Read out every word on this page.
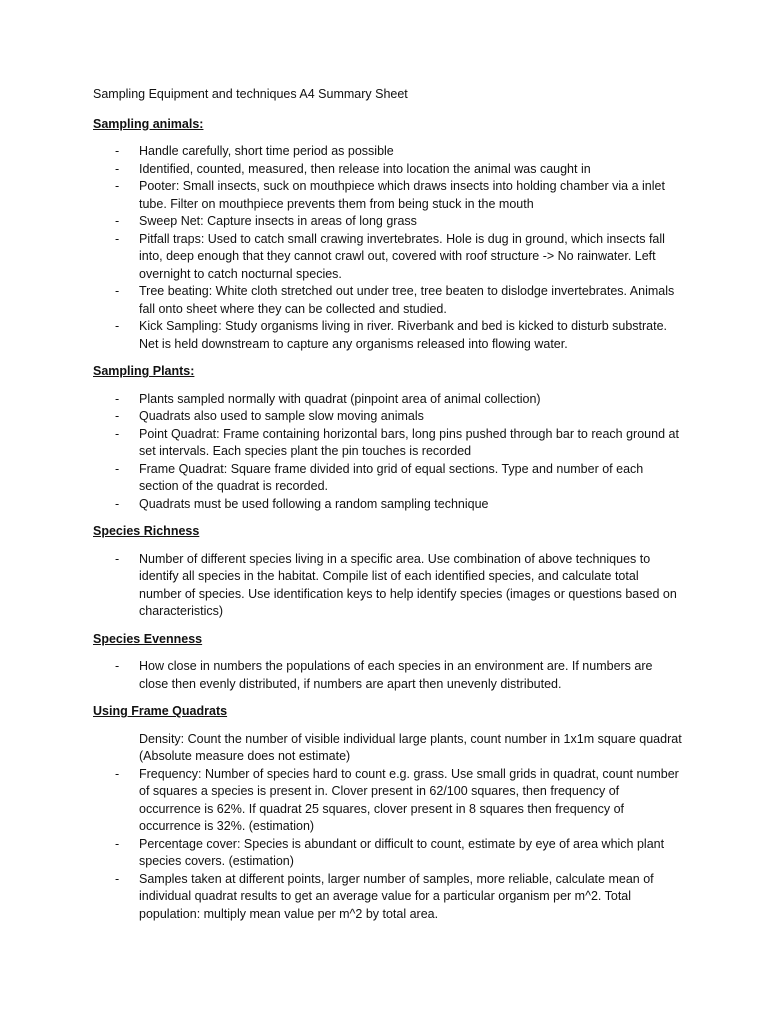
Sampling Equipment and techniques A4 Summary Sheet

Sampling animals:

- Handle carefully, short time period as possible
- Identified, counted, measured, then release into location the animal was caught in
- Pooter: Small insects, suck on mouthpiece which draws insects into holding chamber via a inlet tube. Filter on mouthpiece prevents them from being stuck in the mouth
- Sweep Net: Capture insects in areas of long grass
- Pitfall traps: Used to catch small crawing invertebrates. Hole is dug in ground, which insects fall into, deep enough that they cannot crawl out, covered with roof structure -> No rainwater. Left overnight to catch nocturnal species.
- Tree beating: White cloth stretched out under tree, tree beaten to dislodge invertebrates. Animals fall onto sheet where they can be collected and studied.
- Kick Sampling: Study organisms living in river. Riverbank and bed is kicked to disturb substrate. Net is held downstream to capture any organisms released into flowing water.

Sampling Plants:

- Plants sampled normally with quadrat (pinpoint area of animal collection)
- Quadrats also used to sample slow moving animals
- Point Quadrat: Frame containing horizontal bars, long pins pushed through bar to reach ground at set intervals. Each species plant the pin touches is recorded
- Frame Quadrat: Square frame divided into grid of equal sections. Type and number of each section of the quadrat is recorded.
- Quadrats must be used following a random sampling technique

Species Richness

- Number of different species living in a specific area. Use combination of above techniques to identify all species in the habitat. Compile list of each identified species, and calculate total number of species. Use identification keys to help identify species (images or questions based on characteristics)

Species Evenness

- How close in numbers the populations of each species in an environment are. If numbers are close then evenly distributed, if numbers are apart then unevenly distributed.

Using Frame Quadrats

Density: Count the number of visible individual large plants, count number in 1x1m square quadrat (Absolute measure does not estimate)
- Frequency: Number of species hard to count e.g. grass. Use small grids in quadrat, count number of squares a species is present in. Clover present in 62/100 squares, then frequency of occurrence is 62%. If quadrat 25 squares, clover present in 8 squares then frequency of occurrence is 32%. (estimation)
- Percentage cover: Species is abundant or difficult to count, estimate by eye of area which plant species covers. (estimation)
- Samples taken at different points, larger number of samples, more reliable, calculate mean of individual quadrat results to get an average value for a particular organism per m^2. Total population: multiply mean value per m^2 by total area.
